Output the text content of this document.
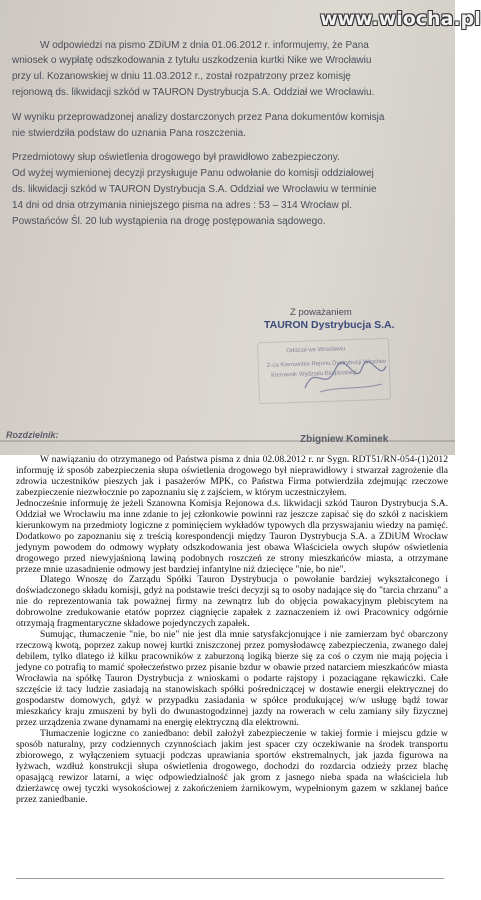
W odpowiedzi na pismo ZDiUM z dnia 01.06.2012 r. informujemy, że Pana
wniosek o wypłatę odszkodowania z tytułu uszkodzenia kurtki Nike we Wrocławiu
przy ul. Kozanowskiej w dniu 11.03.2012 r., został rozpatrzony przez komisję
rejonową ds. likwidacji szkód w TAURON Dystrybucja S.A. Oddział we Wrocławiu.
W wyniku przeprowadzonej analizy dostarczonych przez Pana dokumentów komisja
nie stwierdziła podstaw do uznania Pana roszczenia.
Przedmiotowy słup oświetlenia drogowego był prawidłowo zabezpieczony.
Od wyżej wymienionej decyzji przysługuje Panu odwołanie do komisji oddziałowej
ds. likwidacji szkód w TAURON Dystrybucja S.A. Oddział we Wrocławiu w terminie
14 dni od dnia otrzymania niniejszego pisma na adres : 53 – 314 Wrocław pl.
Powstańców Śl. 20 lub wystąpienia na drogę postępowania sądowego.
Z poważaniem
TAURON Dystrybucja S.A.
Oddział we Wrocławiu
Z-ca Kierownika Rejonu Dystrybucji Wrocław
Kierownik Wydziału Eksploatacji
Rozdzielnik:	Zbigniew Kominek
www.wiocha.pl

W nawiązaniu do otrzymanego od Państwa pisma z dnia 02.08.2012 r. nr Sygn. RDT51/RN-054-(1)2012 informuję iż sposób zabezpieczenia słupa oświetlenia drogowego był nieprawidłowy i stwarzał zagrożenie dla zdrowia uczestników pieszych jak i pasażerów MPK, co Państwa Firma potwierdziła zdejmując rzeczowe zabezpieczenie niezwłocznie po zapoznaniu się z zajściem, w którym uczestniczyłem.

Jednocześnie informuję że jeżeli Szanowna Komisja Rejonowa d.s. likwidacji szkód Tauron Dystrybucja S.A. Oddział we Wrocławiu ma inne zdanie to jej członkowie powinni raz jeszcze zapisać się do szkół z naciskiem kierunkowym na przedmioty logiczne z pominięciem wykładów typowych dla przyswajaniu wiedzy na pamięć. Dodatkowo po zapoznaniu się z treścią korespondencji między Tauron Dystrybucja S.A. a ZDiUM Wrocław jedynym powodem do odmowy wypłaty odszkodowania jest obawa Właściciela owych słupów oświetlenia drogowego przed niewyjaśnioną lawiną podobnych roszczeń ze strony mieszkańców miasta, a otrzymane przeze mnie uzasadnienie odmowy jest bardziej infantylne niż dziecięce "nie, bo nie".

Dlatego Wnoszę do Zarządu Spółki Tauron Dystrybucja o powołanie bardziej wykształconego i doświadczonego składu komisji, gdyż na podstawie treści decyzji są to osoby nadające się do "tarcia chrzanu" a nie do reprezentowania tak poważnej firmy na zewnątrz lub do objęcia powakacyjnym plebiscytem na dobrowolne zredukowanie etatów poprzez ciągnięcie zapałek z zaznaczeniem iż owi Pracownicy odgórnie otrzymają fragmentaryczne składowe pojedynczych zapałek.

Sumując, tłumaczenie "nie, bo nie" nie jest dla mnie satysfakcjonujące i nie zamierzam być obarczony rzeczową kwotą, poprzez zakup nowej kurtki zniszczonej przez pomysłodawcę zabezpieczenia, zwanego dalej debilem, tylko dlatego iż kilku pracowników z zaburzoną logiką bierze się za coś o czym nie mają pojęcia i jedyne co potrafią to mamić społeczeństwo przez pisanie bzdur w obawie przed natarciem mieszkańców miasta Wrocławia na spółkę Tauron Dystrybucja z wnioskami o podarte rajstopy i pozaciągane rękawiczki. Całe szczęście iż tacy ludzie zasiadają na stanowiskach spółki pośredniczącej w dostawie energii elektrycznej do gospodarstw domowych, gdyż w przypadku zasiadania w spółce produkującej w/w usługę bądź towar mieszkańcy kraju zmuszeni by byli do dwunastogodzinnej jazdy na rowerach w celu zamiany siły fizycznej przez urządzenia zwane dynamami na energię elektryczną dla elektrowni.

Tłumaczenie logiczne co zaniedbano: debil założył zabezpieczenie w takiej formie i miejscu gdzie w sposób naturalny, przy codziennych czynnościach jakim jest spacer czy oczekiwanie na środek transportu zbiorowego, z wyłączeniem sytuacji podczas uprawiania sportów ekstremalnych, jak jazda figurowa na łyżwach, wzdłuż konstrukcji słupa oświetlenia drogowego, dochodzi do rozdarcia odzieży przez blachę opasającą rewizor latarni, a więc odpowiedzialność jak grom z jasnego nieba spada na właściciela lub dzierżawcę owej tyczki wysokościowej z zakończeniem żarnikowym, wypełnionym gazem w szklanej bańce przez zaniedbanie.
